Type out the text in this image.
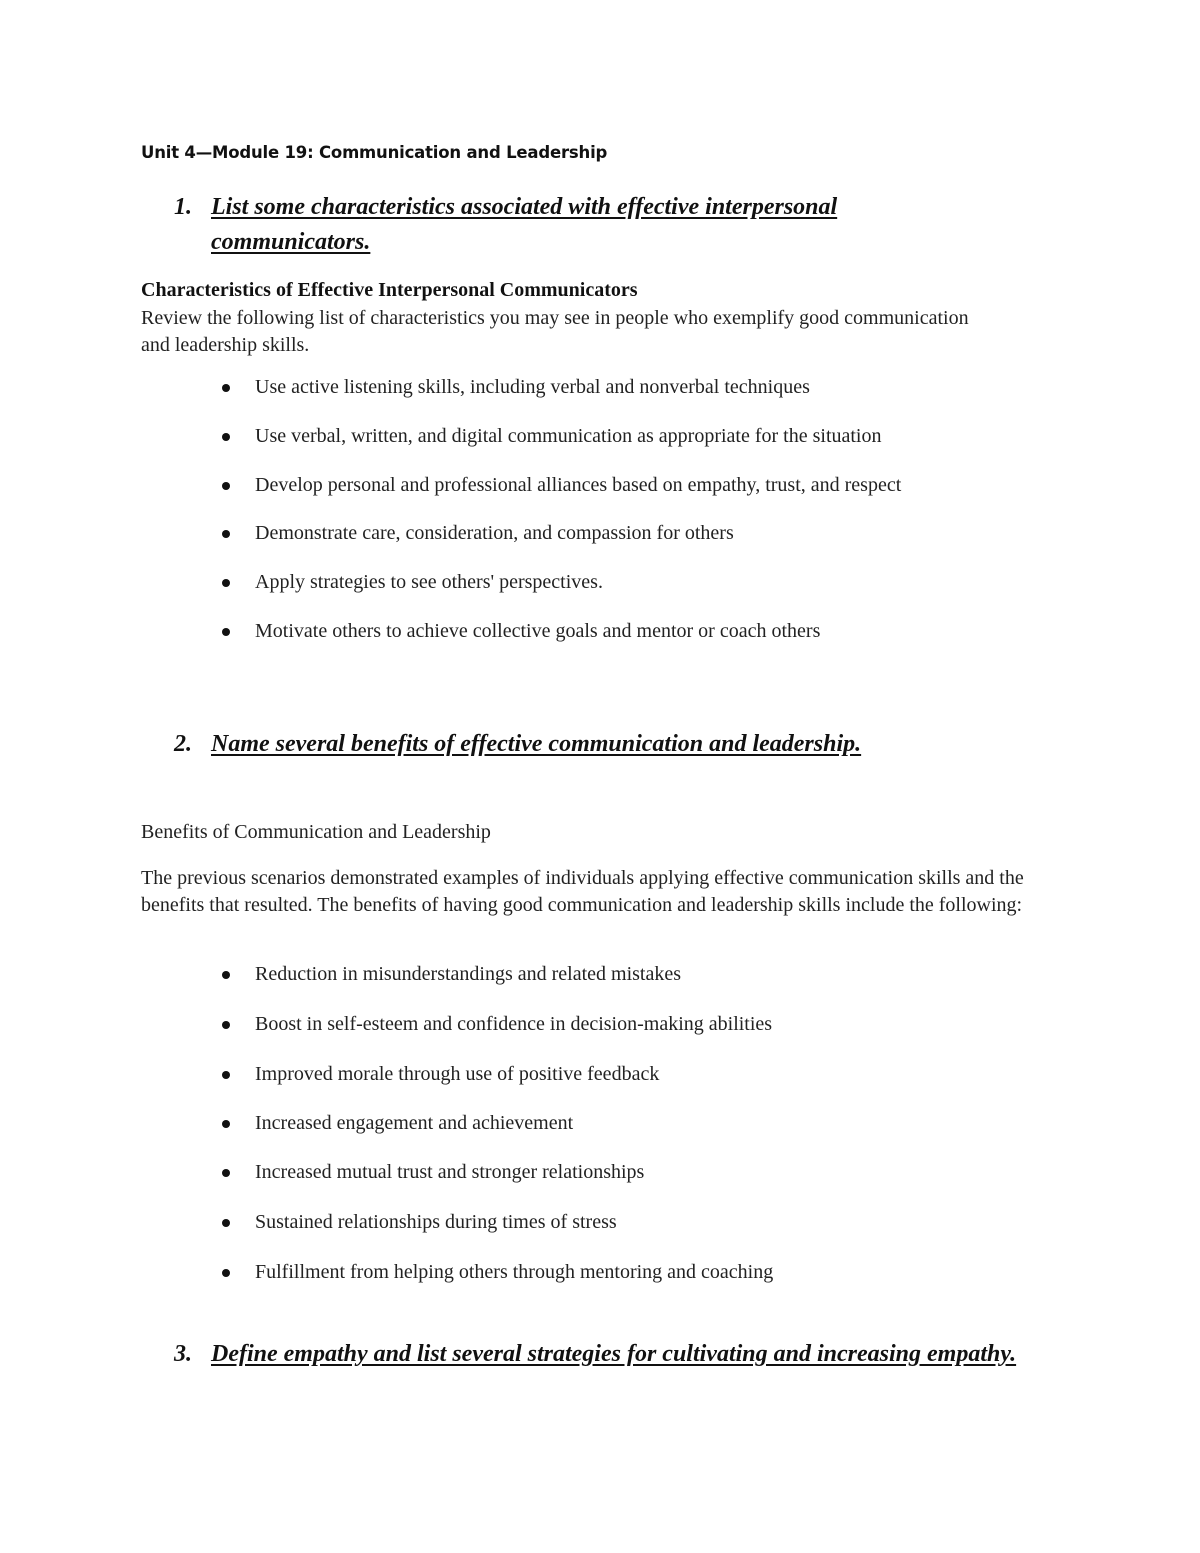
Unit 4—Module 19: Communication and Leadership
1. List some characteristics associated with effective interpersonal communicators.
Characteristics of Effective Interpersonal Communicators
Review the following list of characteristics you may see in people who exemplify good communication and leadership skills.
Use active listening skills, including verbal and nonverbal techniques
Use verbal, written, and digital communication as appropriate for the situation
Develop personal and professional alliances based on empathy, trust, and respect
Demonstrate care, consideration, and compassion for others
Apply strategies to see others' perspectives.
Motivate others to achieve collective goals and mentor or coach others
2. Name several benefits of effective communication and leadership.
Benefits of Communication and Leadership
The previous scenarios demonstrated examples of individuals applying effective communication skills and the benefits that resulted. The benefits of having good communication and leadership skills include the following:
Reduction in misunderstandings and related mistakes
Boost in self-esteem and confidence in decision-making abilities
Improved morale through use of positive feedback
Increased engagement and achievement
Increased mutual trust and stronger relationships
Sustained relationships during times of stress
Fulfillment from helping others through mentoring and coaching
3. Define empathy and list several strategies for cultivating and increasing empathy.
